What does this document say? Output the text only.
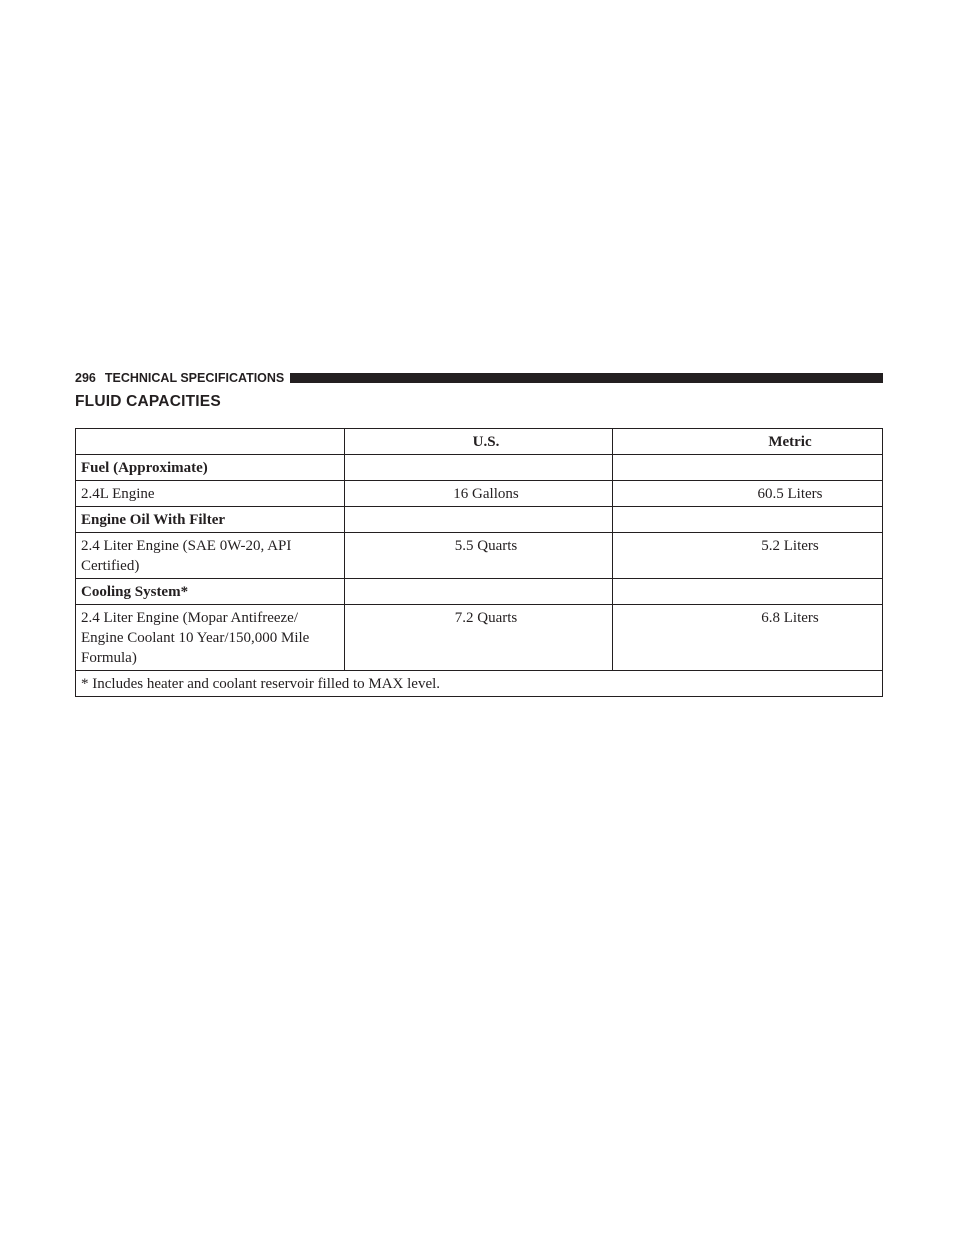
296 TECHNICAL SPECIFICATIONS
FLUID CAPACITIES
	U.S.	Metric
Fuel (Approximate)		
2.4L Engine	16 Gallons	60.5 Liters
Engine Oil With Filter		
2.4 Liter Engine (SAE 0W-20, API Certified)	5.5 Quarts	5.2 Liters
Cooling System*		
2.4 Liter Engine (Mopar Antifreeze/ Engine Coolant 10 Year/150,000 Mile Formula)	7.2 Quarts	6.8 Liters
* Includes heater and coolant reservoir filled to MAX level.		
